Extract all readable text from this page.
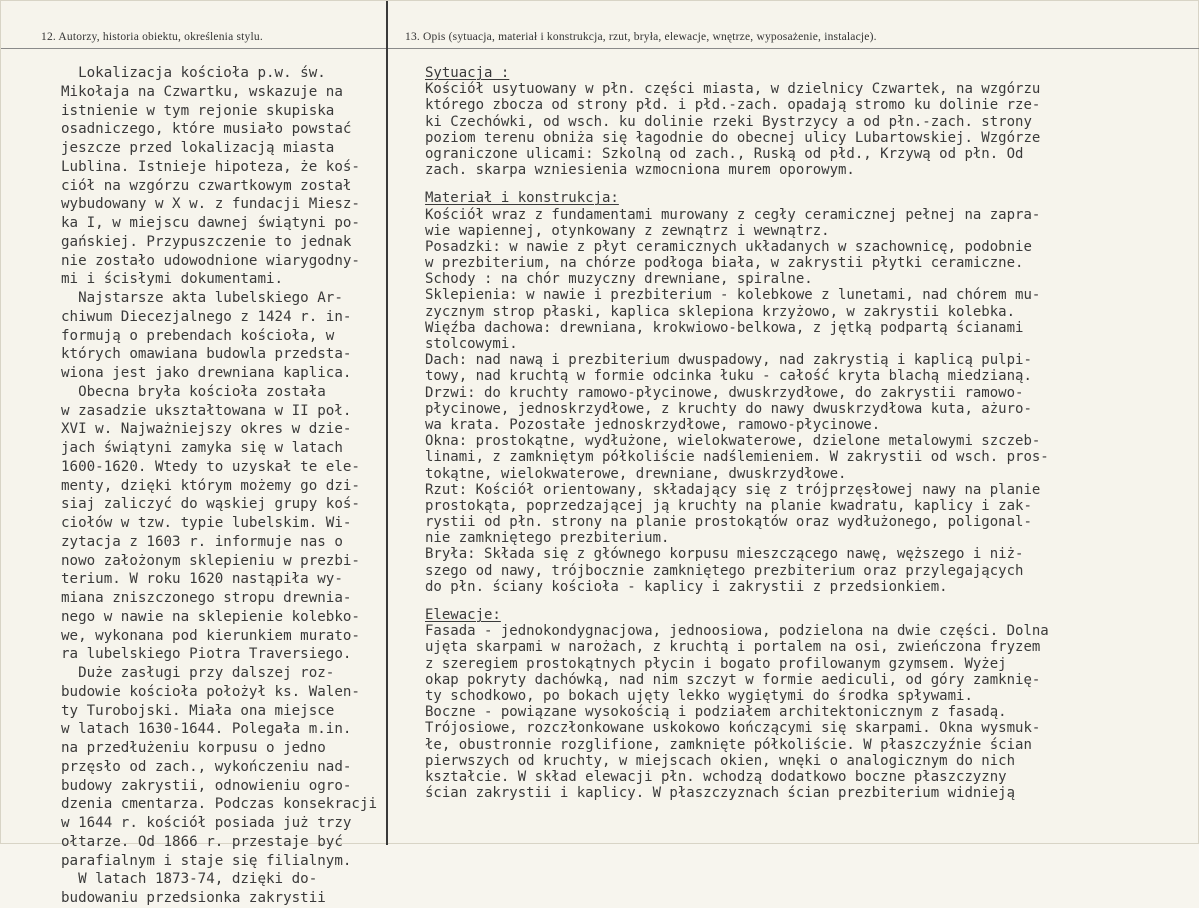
12. Autorzy, historia obiektu, określenia stylu.	13. Opis (sytuacja, materiał i konstrukcja, rzut, bryła, elewacje, wnętrze, wyposażenie, instalacje).
Lokalizacja kościoła p.w. św.
Mikołaja na Czwartku, wskazuje na
istnienie w tym rejonie skupiska
osadniczego, które musiało powstać
jeszcze przed lokalizacją miasta
Lublina. Istnieje hipoteza, że koś-
ciół na wzgórzu czwartkowym został
wybudowany w X w. z fundacji Miesz-
ka I, w miejscu dawnej świątyni po-
gańskiej. Przypuszczenie to jednak
nie zostało udowodnione wiarygodny-
mi i ścisłymi dokumentami.
Najstarsze akta lubelskiego Ar-
chiwum Diecezjalnego z 1424 r. in-
formują o prebendach kościoła, w
których omawiana budowla przedsta-
wiona jest jako drewniana kaplica.
Obecna bryła kościoła została
w zasadzie ukształtowana w II poł.
XVI w. Najważniejszy okres w dzie-
jach świątyni zamyka się w latach
1600-1620. Wtedy to uzyskał te ele-
menty, dzięki którym możemy go dzi-
siaj zaliczyć do wąskiej grupy koś-
ciołów w tzw. typie lubelskim. Wi-
zytacja z 1603 r. informuje nas o
nowo założonym sklepieniu w prezbi-
terium. W roku 1620 nastąpiła wy-
miana zniszczonego stropu drewnia-
nego w nawie na sklepienie kolebko-
we, wykonana pod kierunkiem murato-
ra lubelskiego Piotra Traversiego.
Duże zasługi przy dalszej roz-
budowie kościoła położył ks. Walen-
ty Turobojski. Miała ona miejsce
w latach 1630-1644. Polegała m.in.
na przedłużeniu korpusu o jedno
przęsło od zach., wykończeniu nad-
budowy zakrystii, odnowieniu ogro-
dzenia cmentarza. Podczas konsekracji
w 1644 r. kościół posiada już trzy
ołtarze. Od 1866 r. przestaje być
parafialnym i staje się filialnym.
W latach 1873-74, dzięki do-
budowaniu przedsionka zakrystii
Sytuacja :
Kościół usytuowany w płn. części miasta, w dzielnicy Czwartek, na wzgórzu
którego zbocza od strony płd. i płd.-zach. opadają stromo ku dolinie rze-
ki Czechówki, od wsch. ku dolinie rzeki Bystrzycy a od płn.-zach. strony
poziom terenu obniża się łagodnie do obecnej ulicy Lubartowskiej. Wzgórze
ograniczone ulicami: Szkolną od zach., Ruską od płd., Krzywą od płn. Od
zach. skarpa wzniesienia wzmocniona murem oporowym.
Materiał i konstrukcja:
Kościół wraz z fundamentami murowany z cegły ceramicznej pełnej na zapra-
wie wapiennej, otynkowany z zewnątrz i wewnątrz.
Posadzki: w nawie z płyt ceramicznych układanych w szachownicę, podobnie
w prezbiterium, na chórze podłoga biała, w zakrystii płytki ceramiczne.
Schody : na chór muzyczny drewniane, spiralne.
Sklepienia: w nawie i prezbiterium - kolebkowe z lunetami, nad chórem mu-
zycznym strop płaski, kaplica sklepiona krzyżowo, w zakrystii kolebka.
Więźba dachowa: drewniana, krokwiowo-belkowa, z jętką podpartą ścianami
stolcowymi.
Dach: nad nawą i prezbiterium dwuspadowy, nad zakrystią i kaplicą pulpi-
towy, nad kruchtą w formie odcinka łuku - całość kryta blachą miedzianą.
Drzwi: do kruchty ramowo-płycinowe, dwuskrzydłowe, do zakrystii ramowo-
płycinowe, jednoskrzydłowe, z kruchty do nawy dwuskrzydłowa kuta, ażuro-
wa krata. Pozostałe jednoskrzydłowe, ramowo-płycinowe.
Okna: prostokątne, wydłużone, wielokwaterowe, dzielone metalowymi szczeb-
linami, z zamkniętym półkoliście nadślemieniem. W zakrystii od wsch. pros-
tokątne, wielokwaterowe, drewniane, dwuskrzydłowe.
Rzut: Kościół orientowany, składający się z trójprzęsłowej nawy na planie
prostokąta, poprzedzającej ją kruchty na planie kwadratu, kaplicy i zak-
rystii od płn. strony na planie prostokątów oraz wydłużonego, poligonal-
nie zamkniętego prezbiterium.
Bryła: Składa się z głównego korpusu mieszczącego nawę, węższego i niż-
szego od nawy, trójbocznie zamkniętego prezbiterium oraz przylegających
do płn. ściany kościoła - kaplicy i zakrystii z przedsionkiem.
Elewacje:
Fasada - jednokondygnacjowa, jednoosiowa, podzielona na dwie części. Dolna
ujęta skarpami w narożach, z kruchtą i portalem na osi, zwieńczona fryzem
z szeregiem prostokątnych płycin i bogato profilowanym gzymsem. Wyżej
okap pokryty dachówką, nad nim szczyt w formie aediculi, od góry zamknię-
ty schodkowo, po bokach ujęty lekko wygiętymi do środka spływami.
Boczne - powiązane wysokością i podziałem architektonicznym z fasadą.
Trójosiowe, rozczłonkowane uskokowo kończącymi się skarpami. Okna wysmuk-
łe, obustronnie rozglifione, zamknięte półkoliście. W płaszczyźnie ścian
pierwszych od kruchty, w miejscach okien, wnęki o analogicznym do nich
kształcie. W skład elewacji płn. wchodzą dodatkowo boczne płaszczyzny
ścian zakrystii i kaplicy. W płaszczyznach ścian prezbiterium widnieją
